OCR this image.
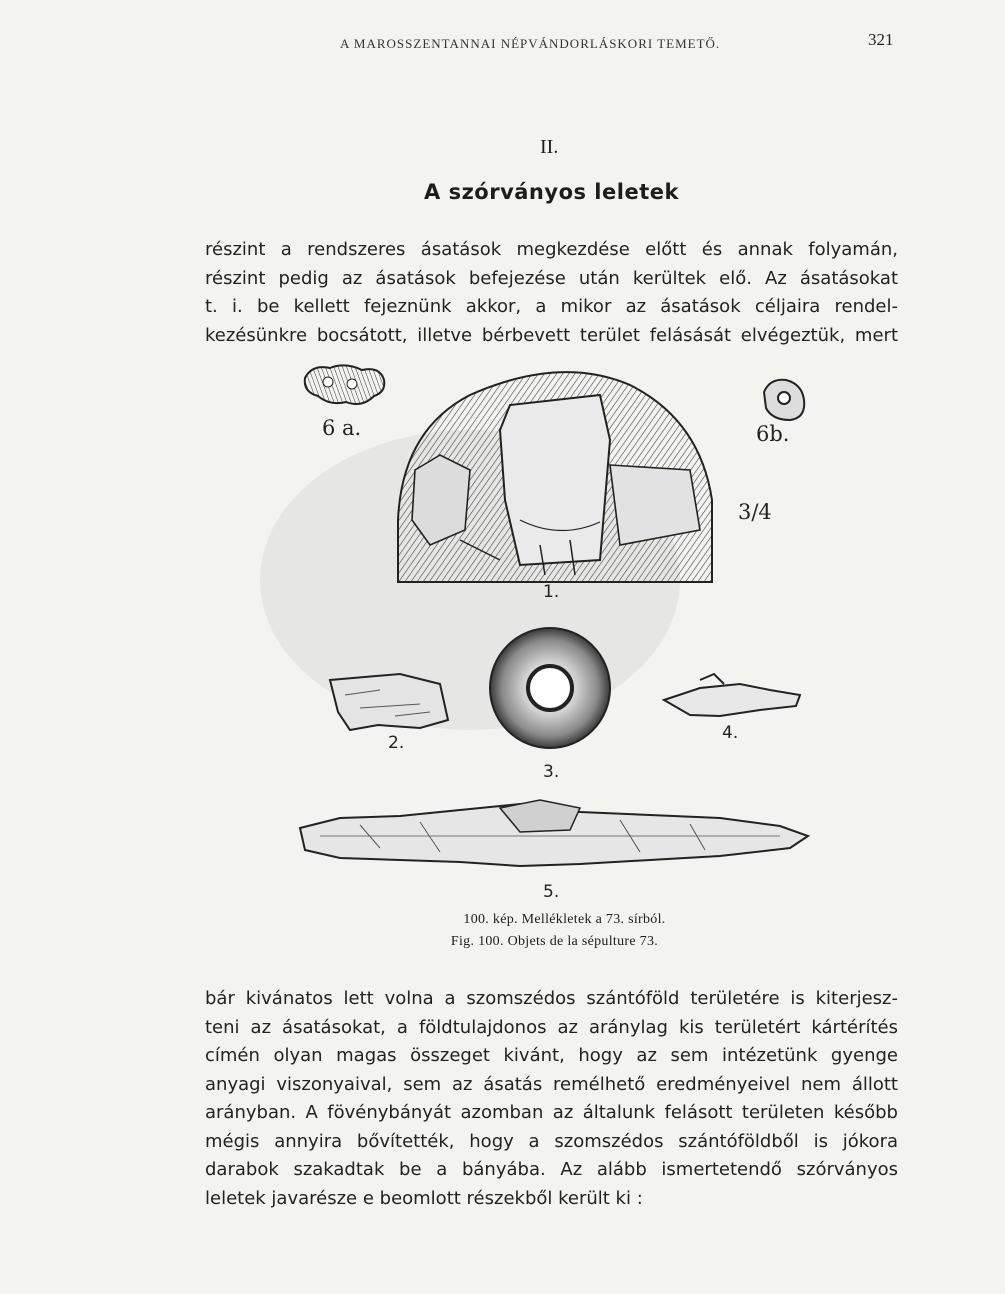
A MAROSSZENTANNAI NÉPVÁNDORLÁSKORI TEMETŐ.	321
II.
A szórványos leletek
részint a rendszeres ásatások megkezdése előtt és annak folyamán,
részint pedig az ásatások befejezése után kerültek elő. Az ásatásokat
t. i. be kellett fejeznünk akkor, a mikor az ásatások céljaira rendel-
kezésünkre bocsátott, illetve bérbevett terület felásását elvégeztük, mert
6 a.	6b.
3/4
1.
2.
3.
4.
5.
100. kép. Mellékletek a 73. sírból.
Fig. 100. Objets de la sépulture 73.
bár kivánatos lett volna a szomszédos szántóföld területére is kiterjesz-
teni az ásatásokat, a földtulajdonos az aránylag kis területért kártérítés
címén olyan magas összeget kivánt, hogy az sem intézetünk gyenge
anyagi viszonyaival, sem az ásatás remélhető eredményeivel nem állott
arányban. A fövénybányát azomban az általunk felásott területen később
mégis annyira bővítették, hogy a szomszédos szántóföldből is jókora
darabok szakadtak be a bányába. Az alább ismertetendő szórványos
leletek javarésze e beomlott részekből került ki :
